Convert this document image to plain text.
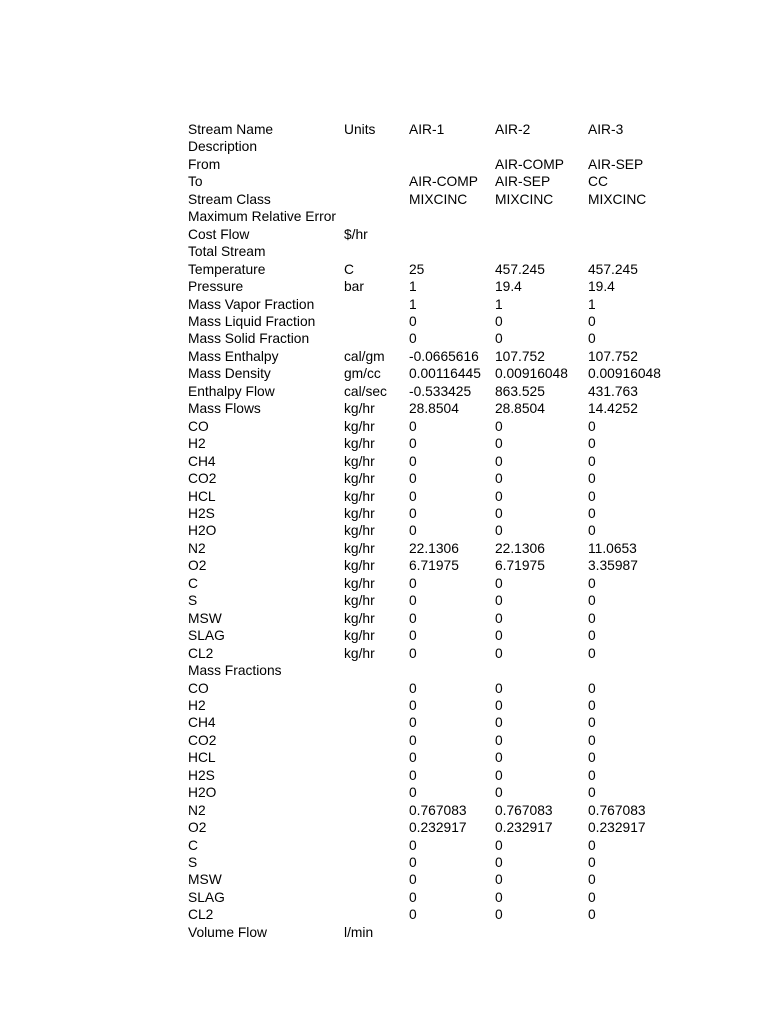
Stream Name	Units	AIR-1	AIR-2	AIR-3
Description				
From			AIR-COMP	AIR-SEP
To		AIR-COMP	AIR-SEP	CC
Stream Class		MIXCINC	MIXCINC	MIXCINC
Maximum Relative Error				
Cost Flow	$/hr			
Total Stream				
Temperature	C	25	457.245	457.245
Pressure	bar	1	19.4	19.4
Mass Vapor Fraction		1	1	1
Mass Liquid Fraction		0	0	0
Mass Solid Fraction		0	0	0
Mass Enthalpy	cal/gm	-0.0665616	107.752	107.752
Mass Density	gm/cc	0.00116445	0.00916048	0.00916048
Enthalpy Flow	cal/sec	-0.533425	863.525	431.763
Mass Flows	kg/hr	28.8504	28.8504	14.4252
CO	kg/hr	0	0	0
H2	kg/hr	0	0	0
CH4	kg/hr	0	0	0
CO2	kg/hr	0	0	0
HCL	kg/hr	0	0	0
H2S	kg/hr	0	0	0
H2O	kg/hr	0	0	0
N2	kg/hr	22.1306	22.1306	11.0653
O2	kg/hr	6.71975	6.71975	3.35987
C	kg/hr	0	0	0
S	kg/hr	0	0	0
MSW	kg/hr	0	0	0
SLAG	kg/hr	0	0	0
CL2	kg/hr	0	0	0
Mass Fractions				
CO		0	0	0
H2		0	0	0
CH4		0	0	0
CO2		0	0	0
HCL		0	0	0
H2S		0	0	0
H2O		0	0	0
N2		0.767083	0.767083	0.767083
O2		0.232917	0.232917	0.232917
C		0	0	0
S		0	0	0
MSW		0	0	0
SLAG		0	0	0
CL2		0	0	0
Volume Flow	l/min			
